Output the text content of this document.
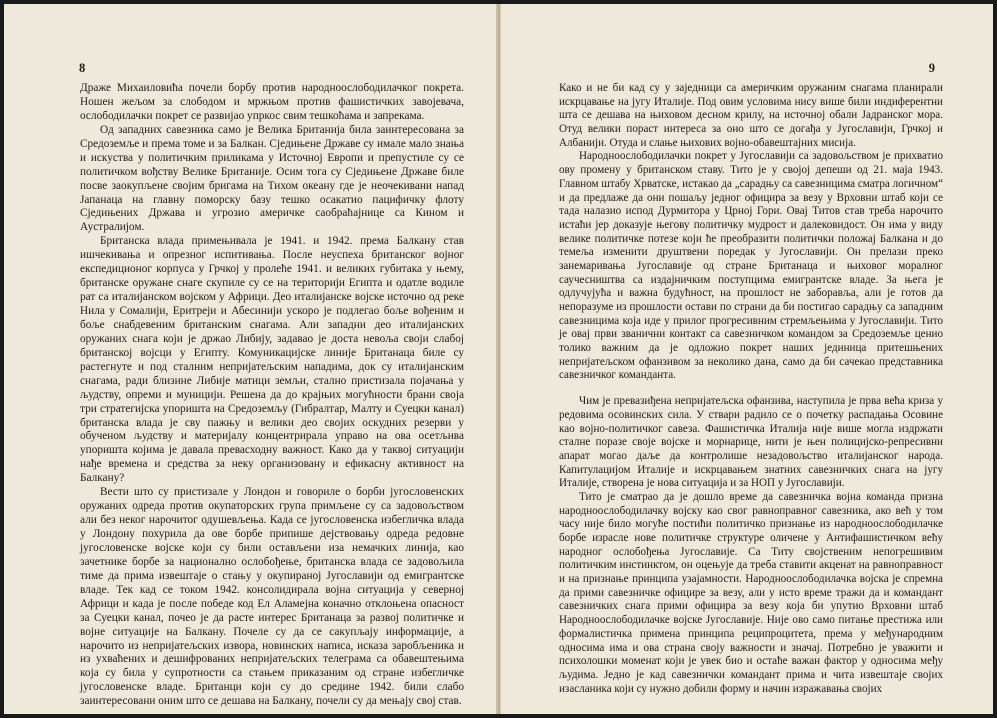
8

Драже Михаиловића почели борбу против народноослободилачког покрета. Ношен жељом за слободом и мржњом против фашистичких завојевача, ослободилачки покрет се развијао упркос свим тешкоћама и запрекама.

Од западних савезника само је Велика Британија била заинтересована за Средоземље и према томе и за Балкан. Сједињене Државе су имале мало знања и искуства у политичким приликама у Источној Европи и препустиле су се политичком вођству Велике Британије. Осим тога су Сједињене Државе биле посве заокупљене својим бригама на Тихом океану где је неочекивани напад Јапанаца на главну поморску базу тешко осакатио пацифичку флоту Сједињених Држава и угрозио америчке саобраћајнице са Кином и Аустралијом.

Британска влада примењивала је 1941. и 1942. према Балкану став ишчекивања и опрезног испитивања. После неуспеха британског војног експедиционог корпуса у Грчкој у пролеће 1941. и великих губитака у њему, британске оружане снаге скупиле су се на територији Египта и одатле водиле рат са италијанском војском у Африци. Део италијанске војске источно од реке Нила у Сомалији, Еритреји и Абесинији ускоро је подлегао боље вођеним и боље снабдевеним британским снагама. Али западни део италијанских оружаних снага који је држао Либију, задавао је доста невоља своји слабој британској војсци у Египту. Комуникацијске линије Британаца биле су растегнуте и под сталним непријатељским нападима, док су италијанским снагама, ради близине Либије матици земљи, стално пристизала појачања у људству, опреми и муницији. Решена да до крајњих могућности брани своја три стратегијска упоришта на Средоземљу (Гибралтар, Малту и Суецки канал) британска влада је сву пажњу и велики део својих оскудних резерви у обученом људству и материјалу концентрирала управо на ова осетљива упоришта којима је давала превасходну важност. Како да у таквој ситуацији нађе времена и средства за неку организовану и ефикасну активност на Балкану?

Вести што су пристизале у Лондон и говориле о борби југословенских оружаних одреда против окупаторских група примљене су са задовољством али без неког нарочитог одушевљења. Када се југословенска избегличка влада у Лондону похурила да ове борбе припише дејствовању одреда редовне југословенске војске који су били остављени иза немачких линија, као зачетнике борбе за национално ослобођење, британска влада се задовољила тиме да прима извештаје о стању у окупираној Југославији од емигрантске владе. Тек кад се током 1942. консолидирала војна ситуација у северној Африци и када је после победе код Ел Аламејна коначно отклоњена опасност за Суецки канал, почео је да расте интерес Британаца за развој политичке и војне ситуације на Балкану. Почеле су да се сакупљају информације, а нарочито из непријатељских извора, новинских написа, исказа заробљеника и из ухваћених и дешифрованих непријатељских телеграма са обавештењима која су била у супротности са стањем приказаним од стране избегличке југословенске владе. Британци који су до средине 1942. били слабо заинтересовани оним што се дешава на Балкану, почели су да мењају свој став.

9

Како и не би кад су у заједници са америчким оружаним снагама планирали искрцавање на југу Италије. Под овим условима нису више били индиферентни шта се дешава на њиховом десном крилу, на источној обали Јадранског мора. Отуд велики пораст интереса за оно што се догађа у Југославији, Грчкој и Албанији. Отуда и слање њихових војно-обавештајних мисија.

Народноослободилачки покрет у Југославији са задовољством је прихватио ову промену у британском ставу. Тито је у својој депеши од 21. маја 1943. Главном штабу Хрватске, истакао да „сарадњу са савезницима сматра логичном“ и да предлаже да они пошаљу једног официра за везу у Врховни штаб који се тада налазио испод Дурмитора у Црној Гори. Овај Титов став треба нарочито истаћи јер доказује његову политичку мудрост и далековидост. Он има у виду велике политичке потезе који ће преобразити политички положај Балкана и до темеља изменити друштвени поредак у Југославији. Он прелази преко занемаривања Југославије од стране Британаца и њиховог моралног саучесништва са издајничким поступцима емигрантске владе. За њега је одлучујућа и важна будућност, на прошлост не заборавља, али је готов да непоразуме из прошлости остави по страни да би постигао сарадњу са западним савезницима која иде у прилог прогресивним стремљењима у Југославији. Тито је овај први званични контакт са савезничком командом за Средоземље ценио толико важним да је одложио покрет наших јединица притешњених непријатељском офанзивом за неколико дана, само да би сачекао представника савезничког команданта.

Чим је превазиђена непријатељска офанзива, наступила је прва већа криза у редовима осовинских сила. У ствари радило се о почетку распадања Осовине као војно-политичког савеза. Фашистичка Италија није више могла издржати сталне поразе своје војске и морнарице, нити је њен полицијско-репресивни апарат могао даље да контролише незадовољство италијанског народа. Капитулацијом Италије и искрцавањем знатних савезничких снага на југу Италије, створена је нова ситуација и за НОП у Југославији.

Тито је сматрао да је дошло време да савезничка војна команда призна народноослободилачку војску као свог равноправног савезника, ако већ у том часу није било могуће постићи политичко признање из народноослободилачке борбе израсле нове политичке структуре оличене у Антифашистичком већу народног ослобођења Југославије. Са Титу својственим непогрешивим политичким инстинктом, он оцењује да треба ставити акценат на равноправност и на признање принципа узајамности. Народноослободилачка војска је спремна да прими савезничке официре за везу, али у исто време тражи да и командант савезничких снага прими официра за везу која би упутио Врховни штаб Народноослободилачке војске Југославије. Није ово само питање престижа или формалистичка примена принципа реципроцитета, према у међународним односима има и ова страна своју важности и значај. Потребно је уважити и психолошки моменат који је увек био и остаће важан фактор у односима међу људима. Једно је кад савезнички командант прима и чита извештаје својих изасланика који су нужно добили форму и начин изражавања својих
